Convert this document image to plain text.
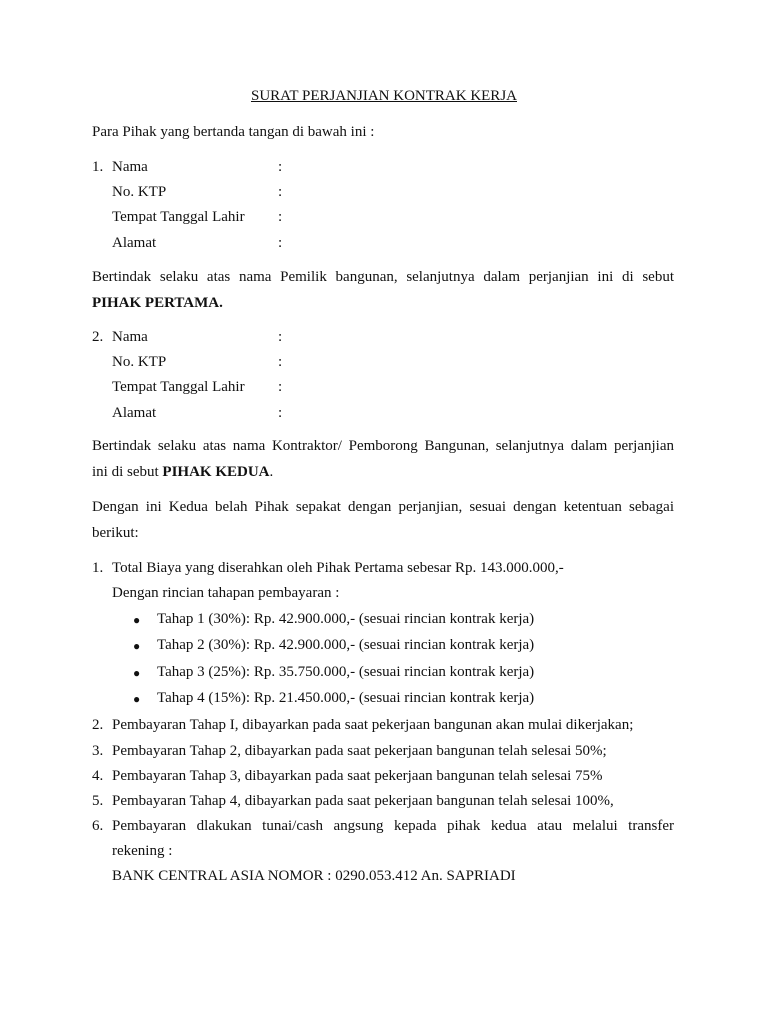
SURAT PERJANJIAN KONTRAK KERJA
Para Pihak yang bertanda tangan di bawah ini :
1. Nama	:
No. KTP	:
Tempat Tanggal Lahir :
Alamat	:
Bertindak selaku atas nama Pemilik bangunan, selanjutnya dalam perjanjian ini di sebut
PIHAK PERTAMA.
2. Nama	:
No. KTP	:
Tempat Tanggal Lahir :
Alamat	:
Bertindak selaku atas nama Kontraktor/ Pemborong Bangunan, selanjutnya dalam perjanjian
ini di sebut PIHAK KEDUA.
Dengan ini Kedua belah Pihak sepakat dengan perjanjian, sesuai dengan ketentuan sebagai
berikut:
1. Total Biaya yang diserahkan oleh Pihak Pertama sebesar Rp. 143.000.000,-
Dengan rincian tahapan pembayaran :
● Tahap 1 (30%): Rp. 42.900.000,- (sesuai rincian kontrak kerja)
● Tahap 2 (30%): Rp. 42.900.000,- (sesuai rincian kontrak kerja)
● Tahap 3 (25%): Rp. 35.750.000,- (sesuai rincian kontrak kerja)
● Tahap 4 (15%): Rp. 21.450.000,- (sesuai rincian kontrak kerja)
2. Pembayaran Tahap I, dibayarkan pada saat pekerjaan bangunan akan mulai dikerjakan;
3. Pembayaran Tahap 2, dibayarkan pada saat pekerjaan bangunan telah selesai 50%;
4. Pembayaran Tahap 3, dibayarkan pada saat pekerjaan bangunan telah selesai 75%
5. Pembayaran Tahap 4, dibayarkan pada saat pekerjaan bangunan telah selesai 100%,
6. Pembayaran dlakukan tunai/cash angsung kepada pihak kedua atau melalui transfer
rekening :
BANK CENTRAL ASIA NOMOR : 0290.053.412 An. SAPRIADI
